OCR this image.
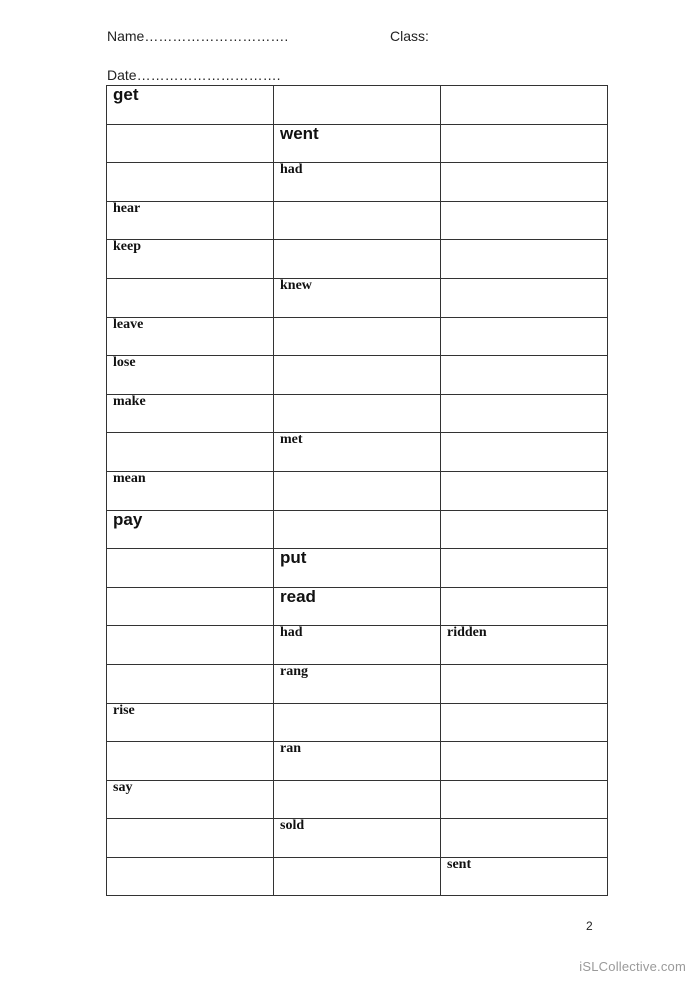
Name………………………….	Class:
Date………………………….
get		

	went	

	had	

hear		

keep		

	knew	

leave		

lose		

make		

	met	

mean		

pay		

	put	

	read	

	had	ridden

	rang	

rise		

	ran	

say		

	sold	

		sent
2
iSLCollective.com
